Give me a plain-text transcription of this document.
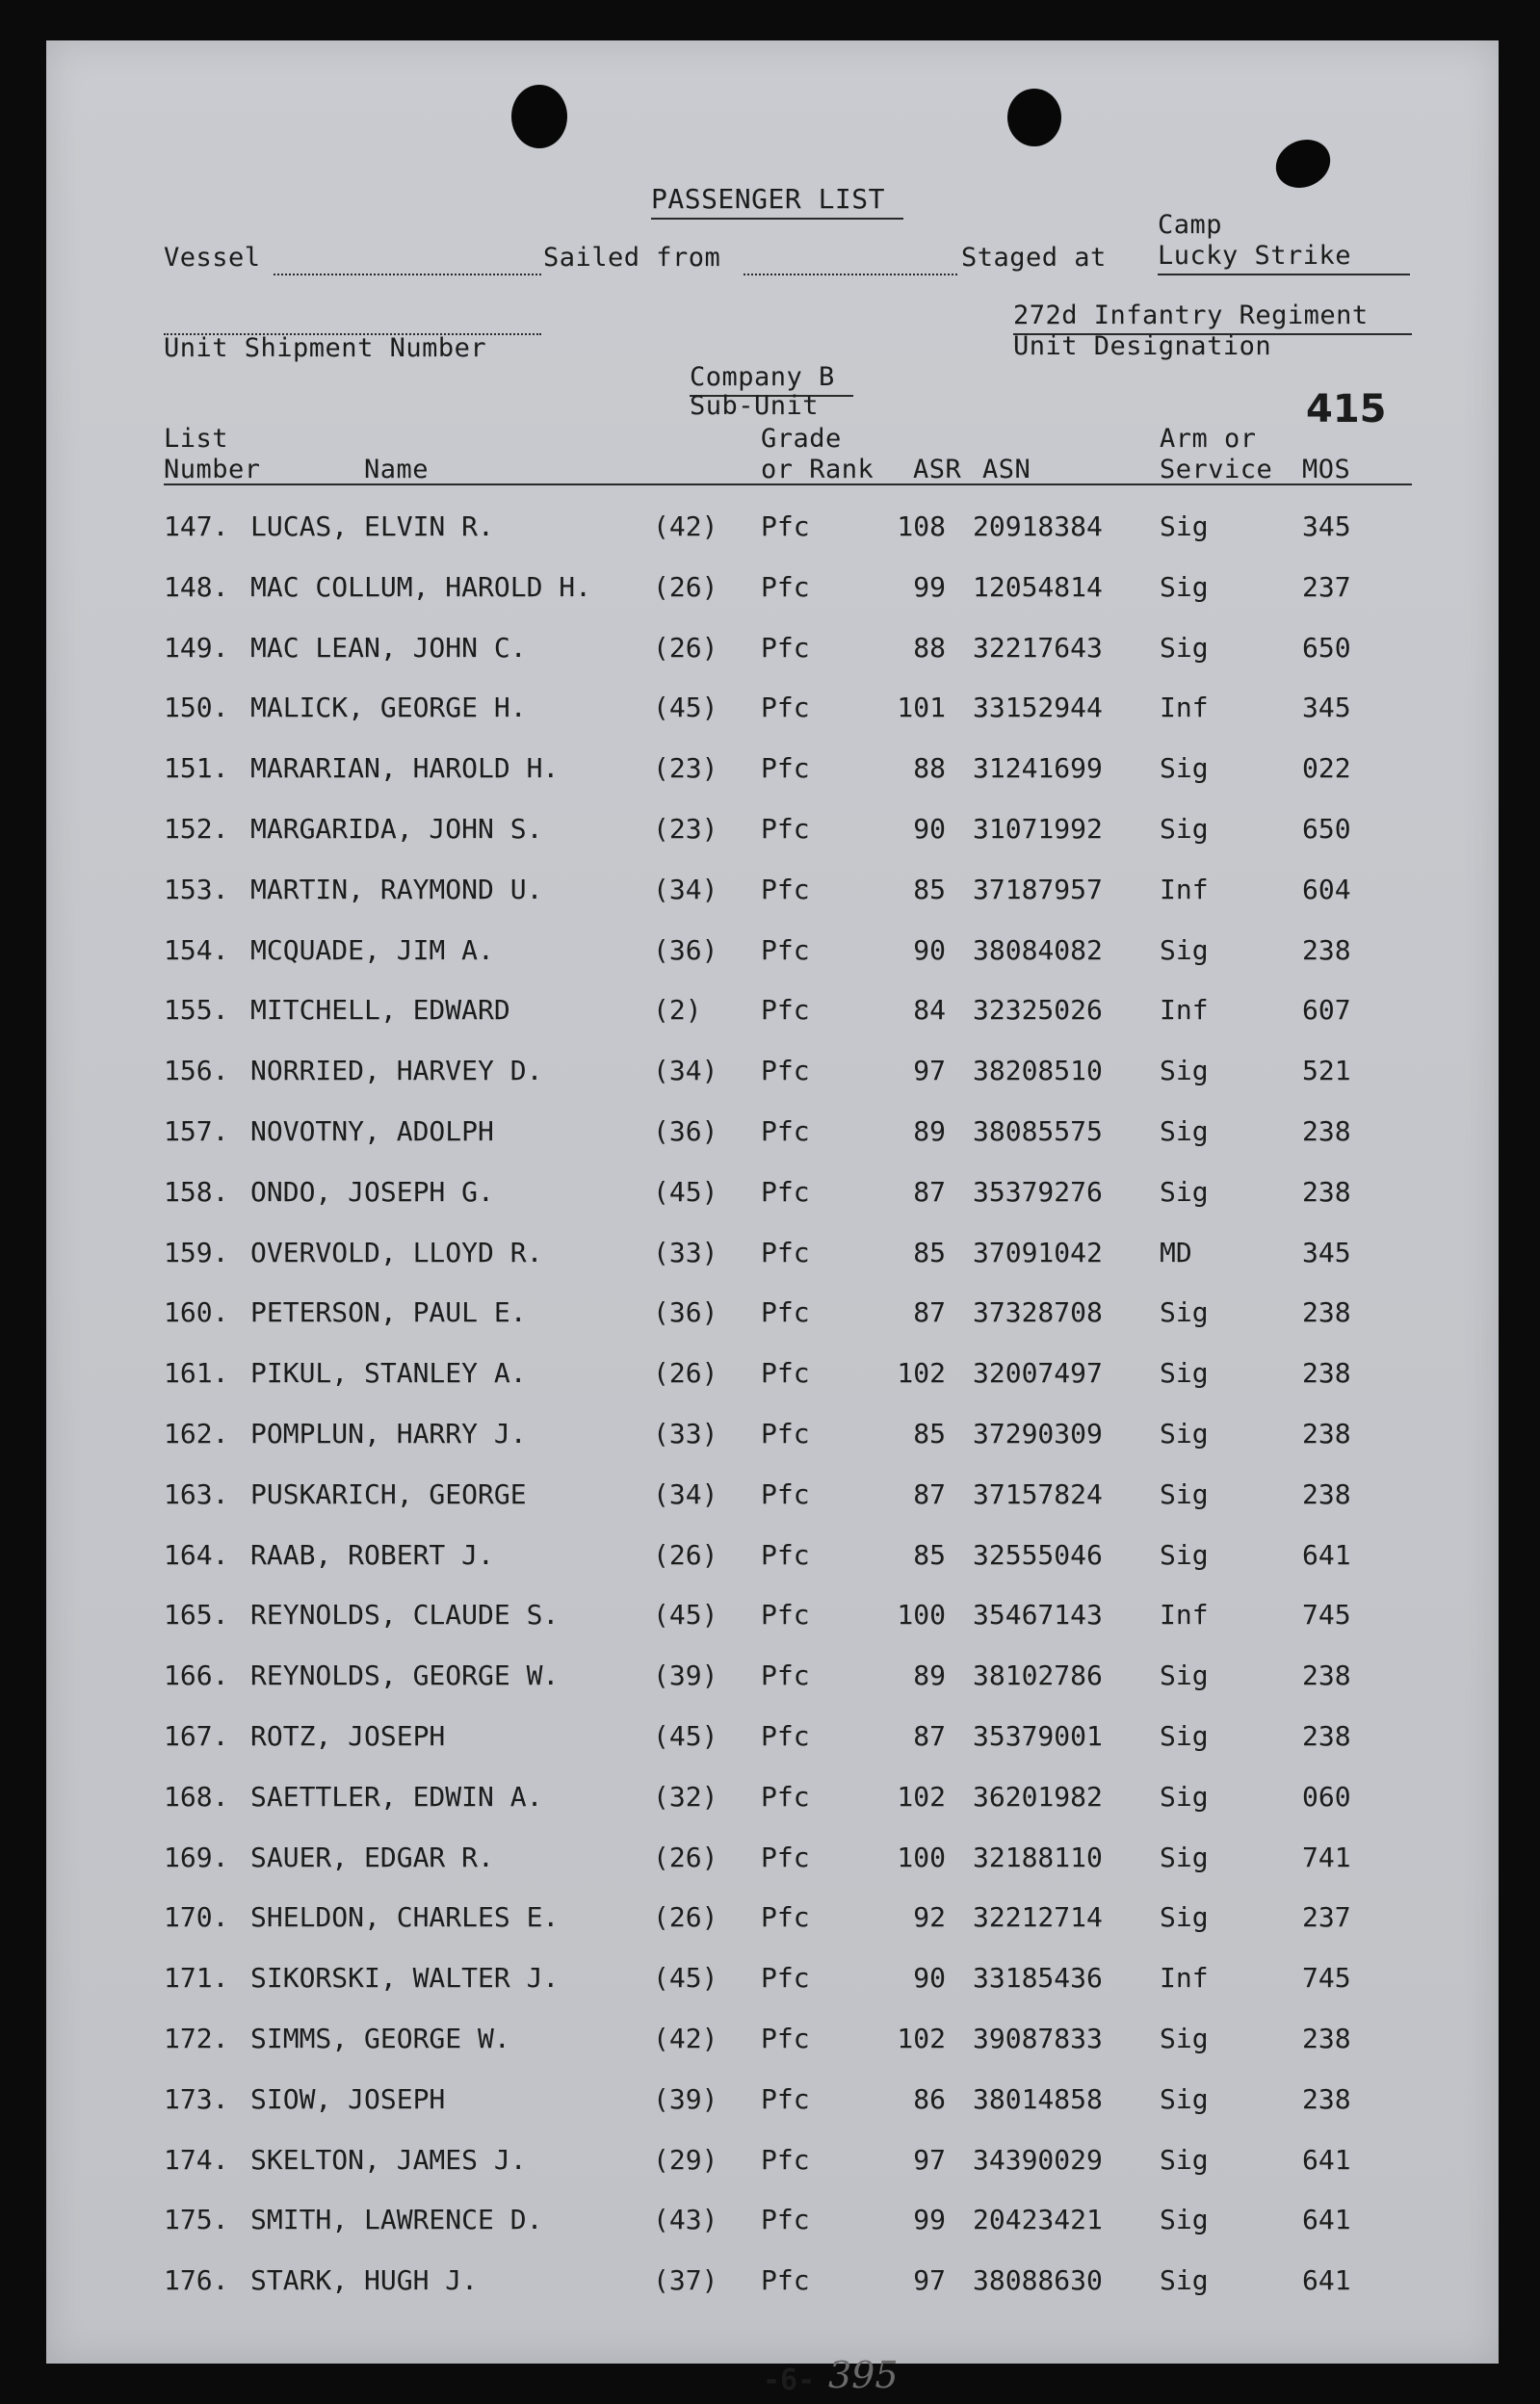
PASSENGER LIST
Vessel	Sailed from	Staged at
Camp
Lucky Strike
272d Infantry Regiment
Unit Designation
Unit Shipment Number
Company B
Sub-Unit	415
List
Number	Name
Grade
or Rank ASR ASN
Arm or
Service MOS
147. LUCAS, ELVIN R.	(42) Pfc	108 20918384 Sig	345
148. MAC COLLUM, HAROLD H. (26) Pfc	99 12054814 Sig	237
149. MAC LEAN, JOHN C.	(26) Pfc	88 32217643 Sig	650
150. MALICK, GEORGE H.	(45) Pfc	101 33152944 Inf	345
151. MARARIAN, HAROLD H.	(23) Pfc	88 31241699 Sig	022
152. MARGARIDA, JOHN S.	(23) Pfc	90 31071992 Sig	650
153. MARTIN, RAYMOND U.	(34) Pfc	85 37187957 Inf	604
154. MCQUADE, JIM A.	(36) Pfc	90 38084082 Sig	238
155. MITCHELL, EDWARD	(2) Pfc	84 32325026 Inf	607
156. NORRIED, HARVEY D.	(34) Pfc	97 38208510 Sig	521
157. NOVOTNY, ADOLPH	(36) Pfc	89 38085575 Sig	238
158. ONDO, JOSEPH G.	(45) Pfc	87 35379276 Sig	238
159. OVERVOLD, LLOYD R.	(33) Pfc	85 37091042 MD	345
160. PETERSON, PAUL E.	(36) Pfc	87 37328708 Sig	238
161. PIKUL, STANLEY A.	(26) Pfc	102 32007497 Sig	238
162. POMPLUN, HARRY J.	(33) Pfc	85 37290309 Sig	238
163. PUSKARICH, GEORGE	(34) Pfc	87 37157824 Sig	238
164. RAAB, ROBERT J.	(26) Pfc	85 32555046 Sig	641
165. REYNOLDS, CLAUDE S.	(45) Pfc	100 35467143 Inf	745
166. REYNOLDS, GEORGE W.	(39) Pfc	89 38102786 Sig	238
167. ROTZ, JOSEPH	(45) Pfc	87 35379001 Sig	238
168. SAETTLER, EDWIN A.	(32) Pfc	102 36201982 Sig	060
169. SAUER, EDGAR R.	(26) Pfc	100 32188110 Sig	741
170. SHELDON, CHARLES E.	(26) Pfc	92 32212714 Sig	237
171. SIKORSKI, WALTER J.	(45) Pfc	90 33185436 Inf	745
172. SIMMS, GEORGE W.	(42) Pfc	102 39087833 Sig	238
173. SIOW, JOSEPH	(39) Pfc	86 38014858 Sig	238
174. SKELTON, JAMES J.	(29) Pfc	97 34390029 Sig	641
175. SMITH, LAWRENCE D.	(43) Pfc	99 20423421 Sig	641
176. STARK, HUGH J.	(37) Pfc	97 38088630 Sig	641
-6- 395
